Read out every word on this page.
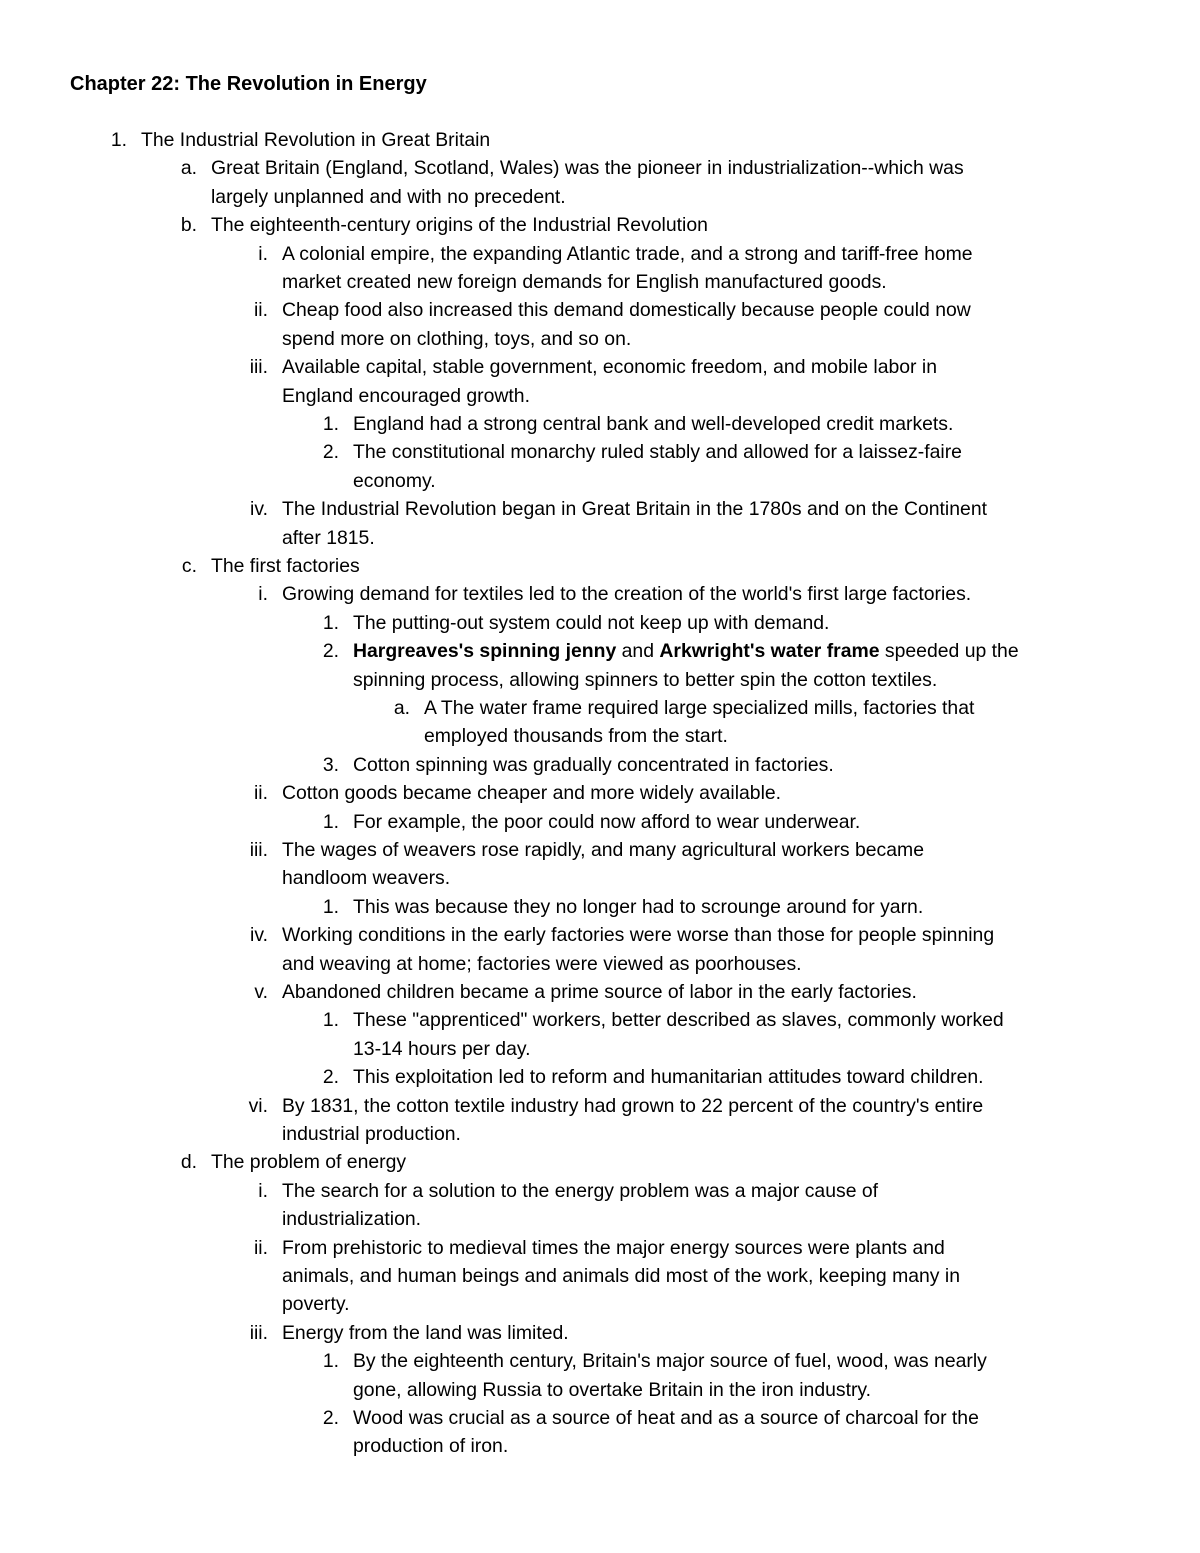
Chapter 22: The Revolution in Energy
1. The Industrial Revolution in Great Britain
a. Great Britain (England, Scotland, Wales) was the pioneer in industrialization--which was
largely unplanned and with no precedent.
b. The eighteenth-century origins of the Industrial Revolution
i. A colonial empire, the expanding Atlantic trade, and a strong and tariff-free home
market created new foreign demands for English manufactured goods.
ii. Cheap food also increased this demand domestically because people could now
spend more on clothing, toys, and so on.
iii. Available capital, stable government, economic freedom, and mobile labor in
England encouraged growth.
1. England had a strong central bank and well-developed credit markets.
2. The constitutional monarchy ruled stably and allowed for a laissez-faire
economy.
iv. The Industrial Revolution began in Great Britain in the 1780s and on the Continent
after 1815.
c. The first factories
i. Growing demand for textiles led to the creation of the world's first large factories.
1. The putting-out system could not keep up with demand.
2. Hargreaves's spinning jenny and Arkwright's water frame speeded up the
spinning process, allowing spinners to better spin the cotton textiles.
a. A The water frame required large specialized mills, factories that
employed thousands from the start.
3. Cotton spinning was gradually concentrated in factories.
ii. Cotton goods became cheaper and more widely available.
1. For example, the poor could now afford to wear underwear.
iii. The wages of weavers rose rapidly, and many agricultural workers became
handloom weavers.
1. This was because they no longer had to scrounge around for yarn.
iv. Working conditions in the early factories were worse than those for people spinning
and weaving at home; factories were viewed as poorhouses.
v. Abandoned children became a prime source of labor in the early factories.
1. These "apprenticed" workers, better described as slaves, commonly worked
13-14 hours per day.
2. This exploitation led to reform and humanitarian attitudes toward children.
vi. By 1831, the cotton textile industry had grown to 22 percent of the country's entire
industrial production.
d. The problem of energy
i. The search for a solution to the energy problem was a major cause of
industrialization.
ii. From prehistoric to medieval times the major energy sources were plants and
animals, and human beings and animals did most of the work, keeping many in
poverty.
iii. Energy from the land was limited.
1. By the eighteenth century, Britain's major source of fuel, wood, was nearly
gone, allowing Russia to overtake Britain in the iron industry.
2. Wood was crucial as a source of heat and as a source of charcoal for the
production of iron.
